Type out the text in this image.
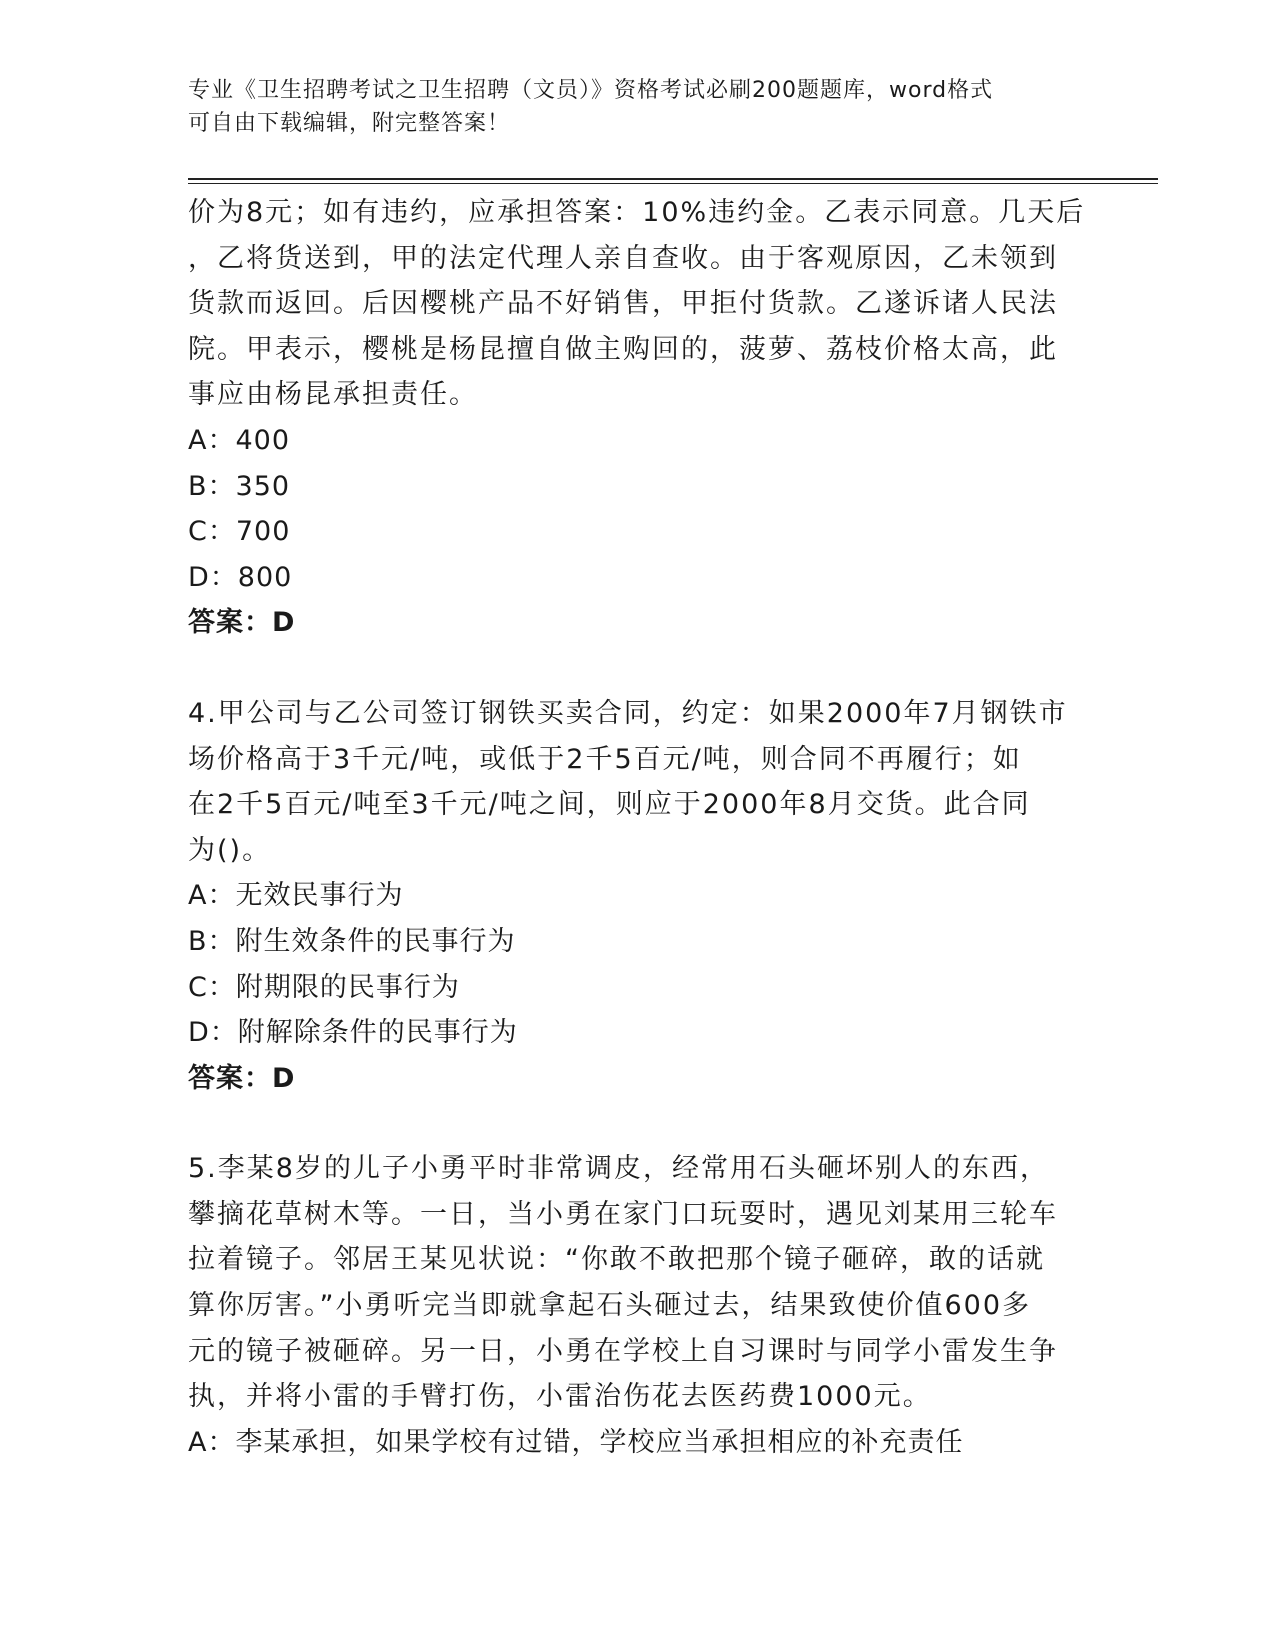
专业《卫生招聘考试之卫生招聘（文员）》资格考试必刷200题题库，word格式
可自由下载编辑，附完整答案！
价为8元；如有违约，应承担答案：10%违约金。乙表示同意。几天后
，乙将货送到，甲的法定代理人亲自查收。由于客观原因，乙未领到
货款而返回。后因樱桃产品不好销售，甲拒付货款。乙遂诉诸人民法
院。甲表示，樱桃是杨昆擅自做主购回的，菠萝、荔枝价格太高，此
事应由杨昆承担责任。
A：400
B：350
C：700
D：800
答案：D
4.甲公司与乙公司签订钢铁买卖合同，约定：如果2000年7月钢铁市
场价格高于3千元/吨，或低于2千5百元/吨，则合同不再履行；如
在2千5百元/吨至3千元/吨之间，则应于2000年8月交货。此合同
为()。
A：无效民事行为
B：附生效条件的民事行为
C：附期限的民事行为
D：附解除条件的民事行为
答案：D
5.李某8岁的儿子小勇平时非常调皮，经常用石头砸坏别人的东西，
攀摘花草树木等。一日，当小勇在家门口玩耍时，遇见刘某用三轮车
拉着镜子。邻居王某见状说：“你敢不敢把那个镜子砸碎，敢的话就
算你厉害。”小勇听完当即就拿起石头砸过去，结果致使价值600多
元的镜子被砸碎。另一日，小勇在学校上自习课时与同学小雷发生争
执，并将小雷的手臂打伤，小雷治伤花去医药费1000元。
A：李某承担，如果学校有过错，学校应当承担相应的补充责任
